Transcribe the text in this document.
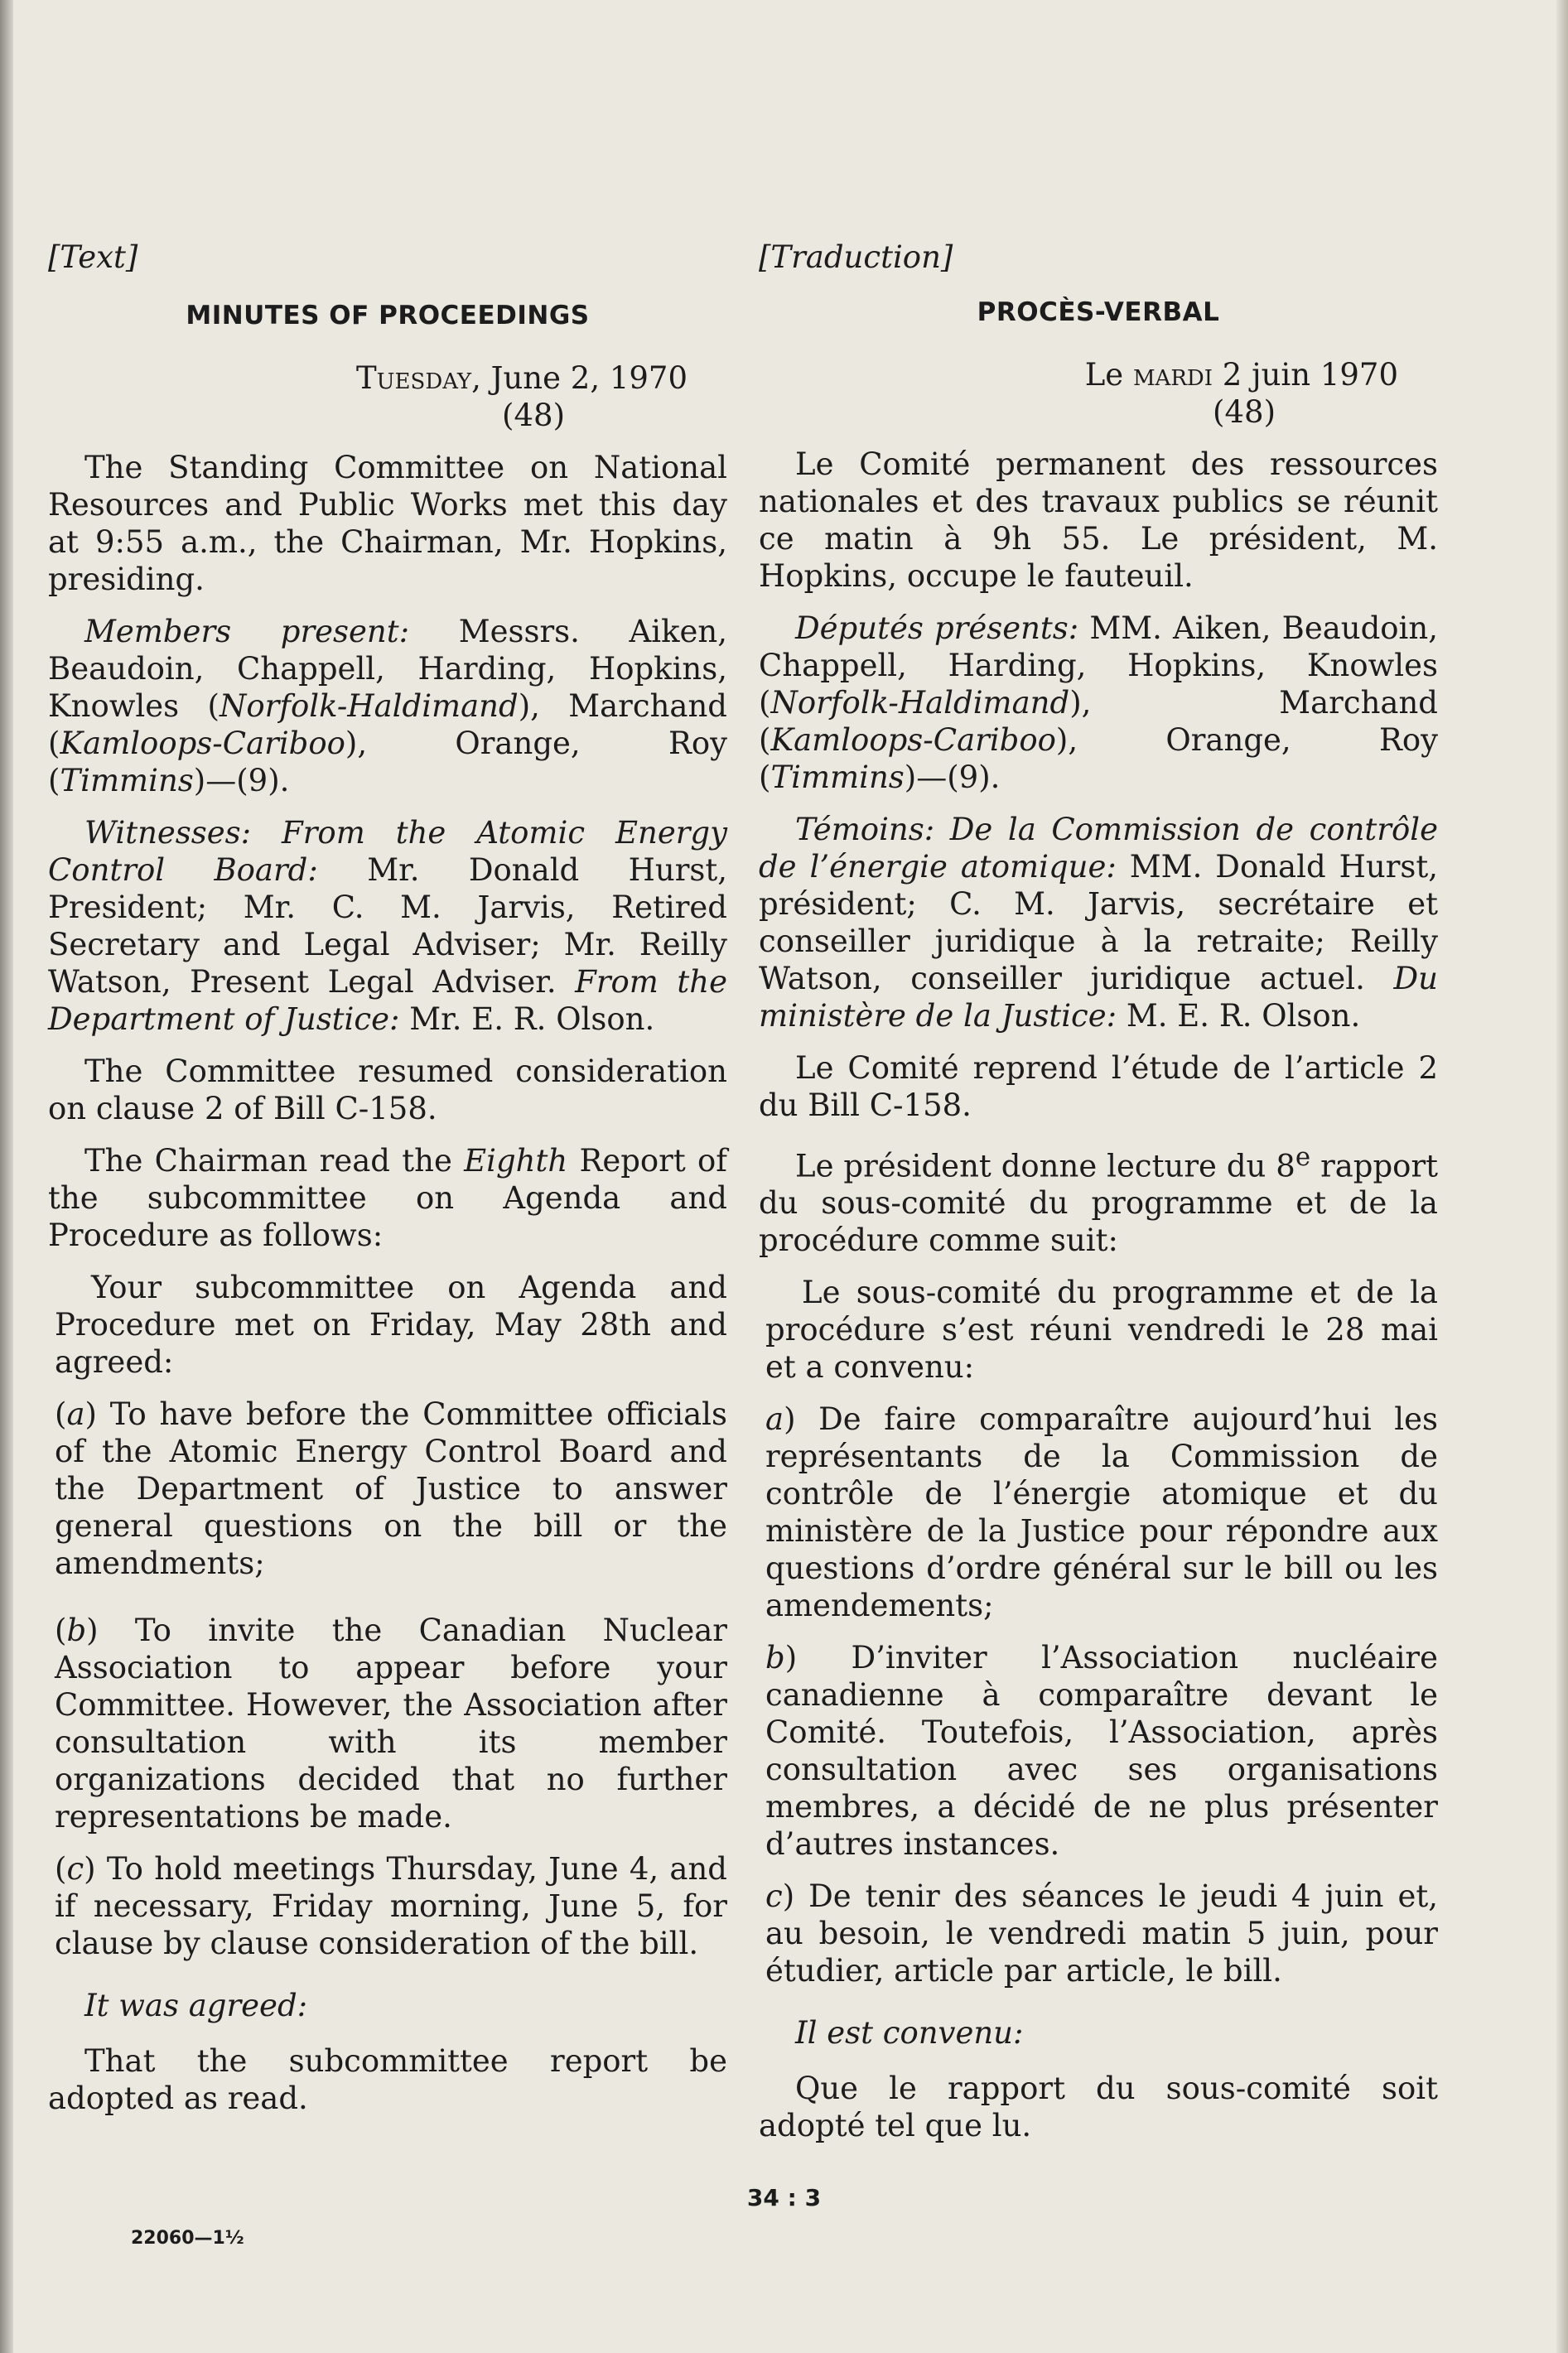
[Text]

MINUTES OF PROCEEDINGS

Tuesday, June 2, 1970

(48)

The Standing Committee on National Resources and Public Works met this day at 9:55 a.m., the Chairman, Mr. Hopkins, presiding.

Members present: Messrs. Aiken, Beaudoin, Chappell, Harding, Hopkins, Knowles (Norfolk-Haldimand), Marchand (Kamloops-Cariboo), Orange, Roy (Timmins)—(9).

Witnesses: From the Atomic Energy Control Board: Mr. Donald Hurst, President; Mr. C. M. Jarvis, Retired Secretary and Legal Adviser; Mr. Reilly Watson, Present Legal Adviser. From the Department of Justice: Mr. E. R. Olson.

The Committee resumed consideration on clause 2 of Bill C-158.

The Chairman read the Eighth Report of the subcommittee on Agenda and Procedure as follows:

Your subcommittee on Agenda and Procedure met on Friday, May 28th and agreed:

(a) To have before the Committee officials of the Atomic Energy Control Board and the Department of Justice to answer general questions on the bill or the amendments;

(b) To invite the Canadian Nuclear Association to appear before your Committee. However, the Association after consultation with its member organizations decided that no further representations be made.

(c) To hold meetings Thursday, June 4, and if necessary, Friday morning, June 5, for clause by clause consideration of the bill.

It was agreed:

That the subcommittee report be adopted as read.

[Traduction]

PROCÈS-VERBAL

Le mardi 2 juin 1970

(48)

Le Comité permanent des ressources nationales et des travaux publics se réunit ce matin à 9h 55. Le président, M. Hopkins, occupe le fauteuil.

Députés présents: MM. Aiken, Beaudoin, Chappell, Harding, Hopkins, Knowles (Norfolk-Haldimand), Marchand (Kamloops-Cariboo), Orange, Roy (Timmins)—(9).

Témoins: De la Commission de contrôle de l’énergie atomique: MM. Donald Hurst, président; C. M. Jarvis, secrétaire et conseiller juridique à la retraite; Reilly Watson, conseiller juridique actuel. Du ministère de la Justice: M. E. R. Olson.

Le Comité reprend l’étude de l’article 2 du Bill C-158.

Le président donne lecture du 8e rapport du sous-comité du programme et de la procédure comme suit:

Le sous-comité du programme et de la procédure s’est réuni vendredi le 28 mai et a convenu:

a) De faire comparaître aujourd’hui les représentants de la Commission de contrôle de l’énergie atomique et du ministère de la Justice pour répondre aux questions d’ordre général sur le bill ou les amendements;

b) D’inviter l’Association nucléaire canadienne à comparaître devant le Comité. Toutefois, l’Association, après consultation avec ses organisations membres, a décidé de ne plus présenter d’autres instances.

c) De tenir des séances le jeudi 4 juin et, au besoin, le vendredi matin 5 juin, pour étudier, article par article, le bill.

Il est convenu:

Que le rapport du sous-comité soit adopté tel que lu.

34 : 3
22060—1½
